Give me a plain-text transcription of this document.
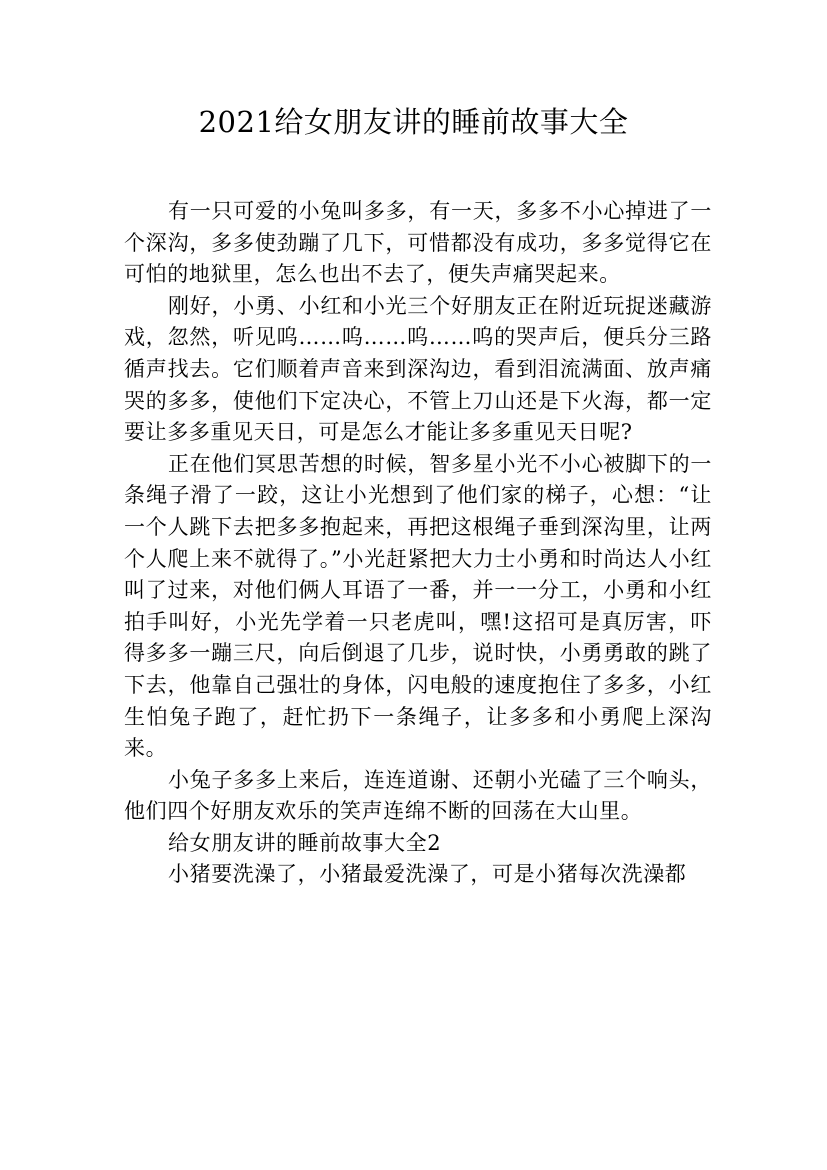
2021给女朋友讲的睡前故事大全

有一只可爱的小兔叫多多，有一天，多多不小心掉进了一个深沟，多多使劲蹦了几下，可惜都没有成功，多多觉得它在可怕的地狱里，怎么也出不去了，便失声痛哭起来。

刚好，小勇、小红和小光三个好朋友正在附近玩捉迷藏游戏，忽然，听见呜……呜……呜……呜的哭声后，便兵分三路循声找去。它们顺着声音来到深沟边，看到泪流满面、放声痛哭的多多，使他们下定决心，不管上刀山还是下火海，都一定要让多多重见天日，可是怎么才能让多多重见天日呢?

正在他们冥思苦想的时候，智多星小光不小心被脚下的一条绳子滑了一跤，这让小光想到了他们家的梯子，心想：“让一个人跳下去把多多抱起来，再把这根绳子垂到深沟里，让两个人爬上来不就得了。”小光赶紧把大力士小勇和时尚达人小红叫了过来，对他们俩人耳语了一番，并一一分工，小勇和小红拍手叫好，小光先学着一只老虎叫，嘿!这招可是真厉害，吓得多多一蹦三尺，向后倒退了几步，说时快，小勇勇敢的跳了下去，他靠自己强壮的身体，闪电般的速度抱住了多多，小红生怕兔子跑了，赶忙扔下一条绳子，让多多和小勇爬上深沟来。

小兔子多多上来后，连连道谢、还朝小光磕了三个响头，他们四个好朋友欢乐的笑声连绵不断的回荡在大山里。

给女朋友讲的睡前故事大全2

小猪要洗澡了，小猪最爱洗澡了，可是小猪每次洗澡都
